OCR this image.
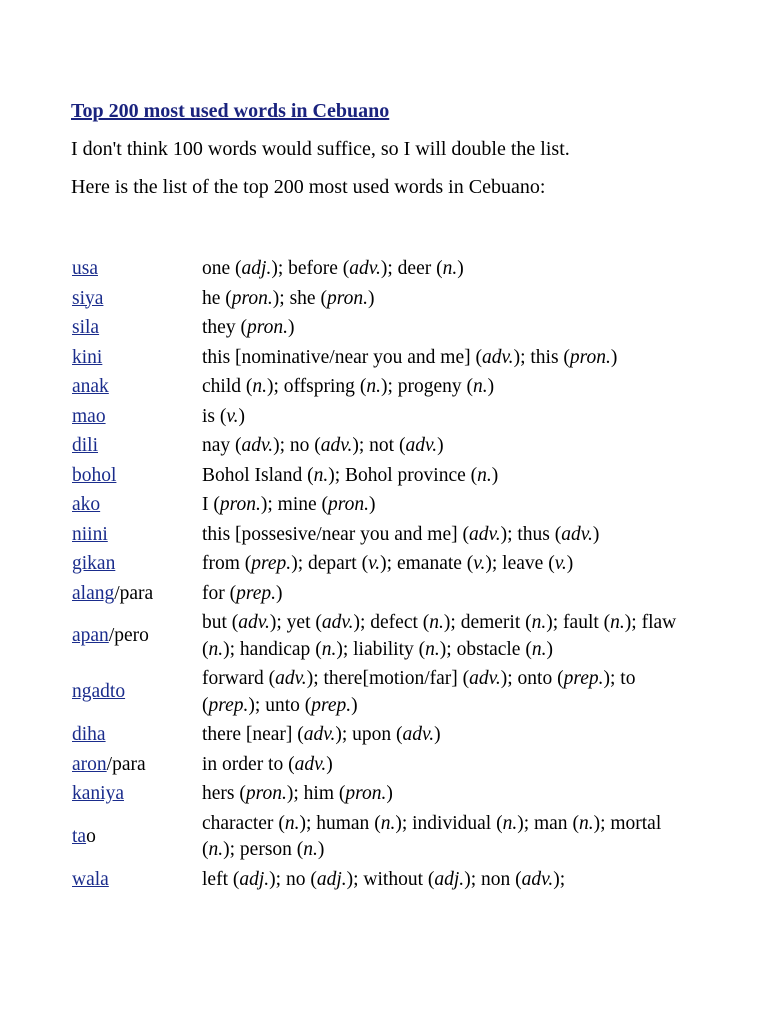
Top 200 most used words in Cebuano

I don't think 100 words would suffice, so I will double the list.

Here is the list of the top 200 most used words in Cebuano:

usa	one (adj.); before (adv.); deer (n.)
siya	he (pron.); she (pron.)
sila	they (pron.)
kini	this [nominative/near you and me] (adv.); this (pron.)
anak	child (n.); offspring (n.); progeny (n.)
mao	is (v.)
dili	nay (adv.); no (adv.); not (adv.)
bohol	Bohol Island (n.); Bohol province (n.)
ako	I (pron.); mine (pron.)
niini	this [possesive/near you and me] (adv.); thus (adv.)
gikan	from (prep.); depart (v.); emanate (v.); leave (v.)
alang/para	for (prep.)
apan/pero	but (adv.); yet (adv.); defect (n.); demerit (n.); fault (n.); flaw (n.); handicap (n.); liability (n.); obstacle (n.)
ngadto	forward (adv.); there[motion/far] (adv.); onto (prep.); to (prep.); unto (prep.)
diha	there [near] (adv.); upon (adv.)
aron/para	in order to (adv.)
kaniya	hers (pron.); him (pron.)
tao	character (n.); human (n.); individual (n.); man (n.); mortal (n.); person (n.)
wala	left (adj.); no (adj.); without (adj.); non (adv.);
